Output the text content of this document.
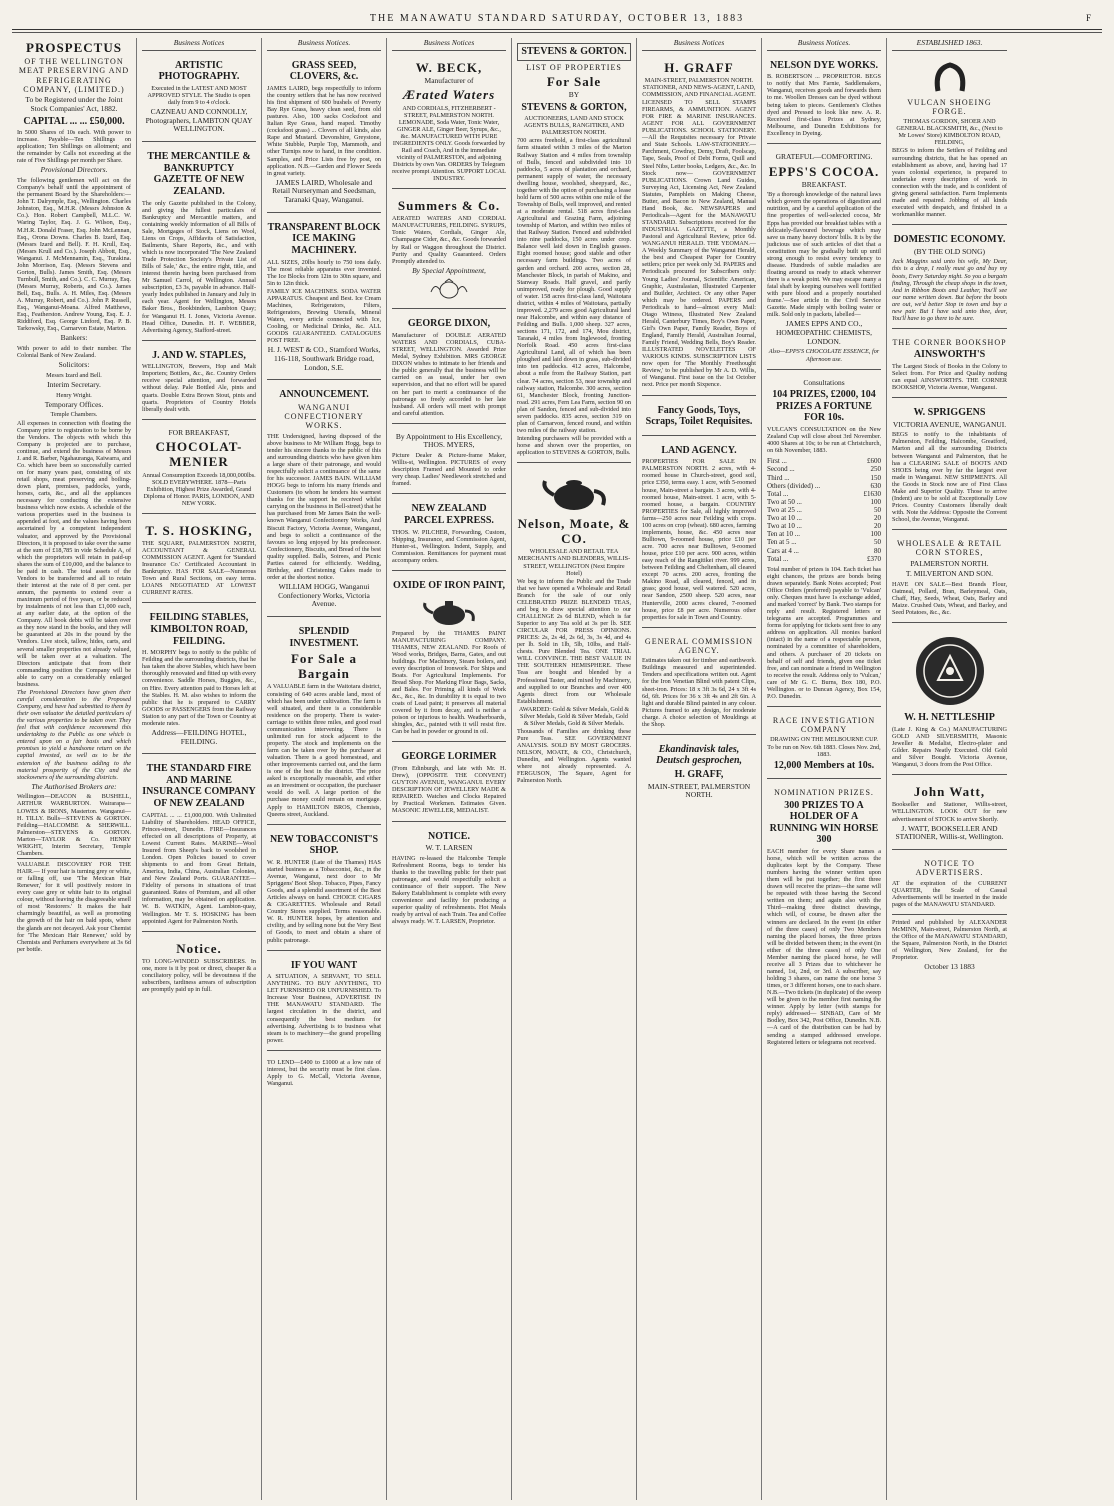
THE MANAWATU STANDARD SATURDAY, OCTOBER 13, 1883	F
PROSPECTUS
OF THE WELLINGTON MEAT PRESERVING AND REFRIGERATING COMPANY, (LIMITED.)
To be Registered under the Joint Stock Companies' Act, 1882.
CAPITAL ... ... £50,000.
In 5000 Shares of 10s each. With power to increase. Payable—Ten Shillings on application; Ten Shillings on allotment; and the remainder by Calls not exceeding at the rate of Five Shillings per month per Share.
Provisional Directors.
The following gentlemen will act on the Company's behalf until the appointment of the permanent Board by the Shareholders:—John T. Dalrymple, Esq., Wellington. Charles Johnston, Esq., M.H.R. (Messrs Johnston & Co.). Hon. Robert Campbell, M.L.C. W. Waring Taylor, Esq. J. G. Wilson, Esq., M.H.R. Donald Fraser, Esq. John McLennan, Esq., Orona Downs. Charles B. Izard, Esq. (Messrs Izard and Bell). F. H. Krull, Esq. (Messrs Krull and Co.). Joseph Abbott, Esq., Wanganui. J. McMennamin, Esq., Turakina. John Morrison, Esq. (Messrs Stevens and Gorton, Bulls). James Smith, Esq. (Messrs Turnbull, Smith, and Co.). C. C. Murray, Esq. (Messrs Murray, Roberts, and Co.). James Bell, Esq., Bulls. A. H. Miles, Esq. (Messrs A. Murray, Robert, and Co.). John P. Russell, Esq., Wanganui-Moana. Alfred Matthews, Esq., Featherston. Andrew Young, Esq. E. J. Riddiford, Esq. George Linford, Esq. P. B. Tarkowsky, Esq., Carnarvon Estate, Marton.
Bankers:
With power to add to their number. The Colonial Bank of New Zealand.
Solicitors:
Messrs Izard and Bell.
Interim Secretary.
Henry Wright.
Temporary Offices.
Temple Chambers.
All expenses in connection with floating the Company prior to registration to be borne by the Vendors. The objects with which this Company is projected are to purchase, continue, and extend the business of Messrs J. and R. Barber, Ngahauranga, Kaiwarra, and Co. which have been so successfully carried on for many years past, consisting of six retail shops, meat preserving and boiling-down plant, premises, paddocks, yards, horses, carts, &c., and all the appliances necessary for conducting the extensive business which now exists. A schedule of the various properties used in the business is appended at foot, and the values having been ascertained by a competent independent valuator, and approved by the Provisional Directors, it is proposed to take over the same at the sum of £18,785 in vide Schedule A, of which the proprietors will retain in paid-up shares the sum of £10,000, and the balance to be paid in cash. The total assets of the Vendors to be transferred and all to retain their interest at the rate of 8 per cent. per annum, the payments to extend over a maximum period of five years, or be reduced by instalments of not less than £1,000 each, at any earlier date, at the option of the Company. All book debts will be taken over as they now stand in the books, and they will be guaranteed at 20s in the pound by the Vendors. Live stock, tallow, hides, carts, and several smaller properties not already valued, will be taken over at a valuation. The Directors anticipate that from their commanding position the Company will be able to carry on a considerably enlarged business.
The Provisional Directors have given their careful consideration to the Proposed Company, and have had submitted to them by their own valuator the detailed particulars of the various properties to be taken over. They feel that with confidence recommend this undertaking to the Public as one which is entered upon on a fair basis and which promises to yield a handsome return on the capital invested, as well as to be the extension of the business adding to the material prosperity of the City and the stockowners of the surrounding districts.
The Authorised Brokers are:
Wellington—DEACON & BUSHELL, ARTHUR WARBURTON. Wairarapa—LOWES & IRONS, Masterton. Wanganui—H. TILLY. Bulls—STEVENS & GORTON. Feilding—HALCOMBE & SHERWILL. Palmerston—STEVENS & GORTON. Marton—TAYLOR & Co. HENRY WRIGHT, Interim Secretary, Temple Chambers.
VALUABLE DISCOVERY FOR THE HAIR.— If your hair is turning grey or white, or falling off, use 'The Mexican Hair Renewer,' for it will positively restore in every case grey or white hair to its original colour, without leaving the disagreeable smell of most 'Restorers.' It makes the hair charmingly beautiful, as well as promoting the growth of the hair on bald spots, where the glands are not decayed. Ask your Chemist for 'The Mexican Hair Renewer,' sold by Chemists and Perfumers everywhere at 3s 6d per bottle.
Business Notices
ARTISTIC PHOTOGRAPHY.
Executed in the LATEST AND MOST APPROVED STYLE. The Studio is open daily from 9 to 4 o'clock.
CAZNEAU AND CONNOLLY, Photographers, LAMBTON QUAY WELLINGTON.
THE MERCANTILE & BANKRUPTCY GAZETTE OF NEW ZEALAND.
The only Gazette published in the Colony, and giving the fullest particulars of Bankruptcy and Mercantile matters, and containing weekly information of all Bills of Sale, Mortgages of Stock, Liens on Wool, Liens on Crops, Affidavits of Satisfaction, Bailments, Share Reports, &c., and with which is now incorporated 'The New Zealand Trade Protection Society's Private List of Bills of Sale,' &c., the entire right, title, and interest therein having been purchased from Mr Samuel Carrol, of Wellington. Annual subscription, £3 3s, payable in advance. Half-yearly Index published in January and July in each year. Agent for Wellington, Messrs Baker Bros., Bookbinders, Lambton Quay; for Wanganui H. I. Jones, Victoria Avenue. Head Office, Dunedin. H. F. WEBBER, Advertising Agency, Stafford-street.
J. AND W. STAPLES,
WELLINGTON, Brewers, Hop and Malt Importers; Bottlers, &c., &c. Country Orders receive special attention, and forwarded without delay. Pale Bottled Ale, pints and quarts. Double Extra Brown Stout, pints and quarts. Proprietors of Country Hotels liberally dealt with.
FOR BREAKFAST,
CHOCOLAT-MENIER
Annual Consumption Exceeds 18,000,000lbs. SOLD EVERYWHERE. 1878—Paris Exhibition, Highest Prize Awarded, Grand Diploma of Honor. PARIS, LONDON, AND NEW YORK.
T. S. HOSKING,
THE SQUARE, PALMERSTON NORTH, ACCOUNTANT & GENERAL COMMISSION AGENT. Agent for 'Standard Insurance Co.' Certificated Accountant in Bankruptcy. HAS FOR SALE—Numerous Town and Rural Sections, on easy terms. LOANS NEGOTIATED AT LOWEST CURRENT RATES.
FEILDING STABLES, KIMBOLTON ROAD, FEILDING.
H. MORPHY begs to notify to the public of Feilding and the surrounding districts, that he has taken the above Stables, which have been thoroughly renovated and fitted up with every convenience. Saddle Horses, Buggies, &c., on Hire. Every attention paid to Horses left at the Stables. H. M. also wishes to inform the public that he is prepared to CARRY GOODS or PASSENGERS from the Railway Station to any part of the Town or Country at moderate rates.
Address—FEILDING HOTEL, FEILDING.
THE STANDARD FIRE AND MARINE INSURANCE COMPANY OF NEW ZEALAND
CAPITAL ... ... £1,000,000. With Unlimited Liability of Shareholders. HEAD OFFICE, Princes-street, Dunedin. FIRE—Insurances effected on all descriptions of Property, at Lowest Current Rates. MARINE—Wool Insured from Sheep's back to woolshed in London. Open Policies issued to cover shipments to and from Great Britain, America, India, China, Australian Colonies, and New Zealand Ports. GUARANTEE—Fidelity of persons in situations of trust guaranteed. Rates of Premium, and all other information, may be obtained on application. W. B. WATKIN, Agent. Lambton-quay, Wellington. Mr T. S. HOSKING has been appointed Agent for Palmerston North.
Notice.
TO LONG-WINDED SUBSCRIBERS. In one, more is it by post or direct, cheaper & a conciliatory policy, will be devoutness if the subscribers, tardiness arrears of subscription are promptly paid up in full.
Business Notices.
GRASS SEED, CLOVERS, &c.
JAMES LAIRD, begs respectfully to inform the country settlers that he has now received his first shipment of 600 bushels of Poverty Bay Rye Grass, heavy clean seed, from old pastures. Also, 100 sacks Cocksfoot and Italian Rye Grass, hand reaped. Timothy (cocksfoot grass) ... Clovers of all kinds, also Rape and Mustard. Devonshire, Greystone, White Stubble, Purple Top, Mammoth, and other Turnips now to hand, in fine condition. Samples, and Price Lists free by post, on application. N.B.—Garden and Flower Seeds in great variety.
JAMES LAIRD, Wholesale and Retail Nurseryman and Seedsman, Taranaki Quay, Wanganui.
TRANSPARENT BLOCK ICE MAKING MACHINERY.
ALL SIZES, 20lbs hourly to 750 tons daily. The most reliable apparatus ever invented. The Ice Blocks from 12in to 30in square, and 5in to 12in thick.
FAMILY ICE MACHINES. SODA WATER APPARATUS. Cheapest and Best. Ice Cream Machines, Refrigerators, Filters, Refrigerators, Brewing Utensils, Mineral Waters, every article connected with Ice, Cooling, or Medicinal Drinks, &c. ALL GOODS GUARANTEED. CATALOGUES POST FREE.
H. J. WEST & CO., Stamford Works, 116-118, Southwark Bridge road, London, S.E.
ANNOUNCEMENT.
WANGANUI CONFECTIONERY WORKS.
THE Undersigned, having disposed of the above business to Mr William Hogg, begs to tender his sincere thanks to the public of this and surrounding districts who have given him a large share of their patronage, and would respectfully solicit a continuance of the same for his successor. JAMES BAIN. WILLIAM HOGG begs to inform his many friends and Customers (to whom he tenders his warmest thanks for the support he received whilst carrying on the business in Bell-street) that he has purchased from Mr James Bain the well-known Wanganui Confectionery Works, And Biscuit Factory, Victoria Avenue, Wanganui, and begs to solicit a continuance of the favours so long enjoyed by his predecessor. Confectionery, Biscuits, and Bread of the best quality supplied. Balls, Soirees, and Picnic Parties catered for efficiently. Wedding, Birthday, and Christening Cakes made to order at the shortest notice.
WILLIAM HOGG, Wanganui Confectionery Works, Victoria Avenue.
SPLENDID INVESTMENT.
For Sale a Bargain
A VALUABLE farm in the Waitotara district, consisting of 640 acres arable land, most of which has been under cultivation. The farm is well situated, and there is a considerable residence on the property. There is water-carriage to within three miles, and good road communication intervening. There is unlimited run for stock adjacent to the property. The stock and implements on the farm can be taken over by the purchaser at valuation. There is a good homestead, and other improvements carried out, and the farm is one of the best in the district. The price asked is exceptionally reasonable, and either as an investment or occupation, the purchaser would do well. A large portion of the purchase money could remain on mortgage. Apply to HAMILTON BROS, Chemists, Queens street, Auckland.
NEW TOBACCONIST'S SHOP.
W. R. HUNTER (Late of the Thames) HAS started business as a Tobacconist, &c., in the Avenue, Wanganui, next door to Mr Spriggens' Boot Shop. Tobacco, Pipes, Fancy Goods, and a splendid assortment of the Best Articles always on hand. CHOICE CIGARS & CIGARETTES. Wholesale and Retail Country Stores supplied. Terms reasonable. W. R. HUNTER hopes, by attention and civility, and by selling none but the Very Best of Goods, to meet and obtain a share of public patronage.
IF YOU WANT
A SITUATION, A SERVANT, TO SELL ANYTHING. TO BUY ANYTHING, TO LET FURNISHED OR UNFURNISHED. To Increase Your Business, ADVERTISE IN THE MANAWATU STANDARD. The largest circulation in the district, and consequently the best medium for advertising. Advertising is to business what steam is to machinery—the grand propelling power.
TO LEND—£400 to £1000 at a low rate of interest, but the security must be first class. Apply to G. McCall, Victoria Avenue, Wanganui.
Business Notices
W. BECK,
Manufacturer of
Ærated Waters
AND CORDIALS, FITZHERBERT - STREET, PALMERSTON NORTH. LEMONADE, Soda Water, Tonic Water, GINGER ALE, Ginger Beer, Syrups, &c., &c. MANUFACTURED WITH PURE INGREDIENTS ONLY. Goods forwarded by Rail and Coach, And in the immediate vicinity of PALMERSTON, and adjoining Districts by own Van. ORDERS by Telegram receive prompt Attention. SUPPORT LOCAL INDUSTRY.
Summers & Co.
AERATED WATERS AND CORDIAL MANUFACTURERS, FEILDING. SYRUPS, Tonic Waters, Cordials, Ginger Ale, Champagne Cider, &c., &c. Goods forwarded by Rail or Waggon throughout the District. Purity and Quality Guaranteed. Orders Promptly attended to.
By Special Appointment,
GEORGE DIXON,
Manufacturer of DOUBLE AERATED WATERS AND CORDIALS, CUBA-STREET, WELLINGTON. Awarded Prize Medal, Sydney Exhibition. MRS GEORGE DIXON wishes to intimate to her friends and the public generally that the business will be carried on as usual, under her own supervision, and that no effort will be spared on her part to merit a continuance of the patronage so freely accorded to her late husband. All orders will meet with prompt and careful attention.
By Appointment to His Excellency, THOS. MYERS,
Picture Dealer & Picture-frame Maker, Willis-st, Wellington. PICTURES of every description Framed and Mounted to order very cheap. Ladies' Needlework stretched and framed.
NEW ZEALAND PARCEL EXPRESS.
THOS. W. PILCHER, Forwarding, Custom, Shipping, Insurance, and Commission Agent, Hunter-st., Wellington. Indent, Supply, and Commission. Remittances for payment must accompany orders.
OXIDE OF IRON PAINT,
Prepared by the THAMES PAINT MANUFACTURING COMPANY. THAMES, NEW ZEALAND. For Roofs of Wood works, Bridges, Barns, Gates, and out buildings. For Machinery, Steam boilers, and every description of Ironwork. For Ships and Boats. For Agricultural Implements. For Bread Shop. For Marking Flour Bags, Sacks, and Bales. For Priming all kinds of Work &c., &c., &c. In durability it is equal to two coats of Lead paint; it preserves all material covered by it from decay, and is neither a poison or injurious to health. Weatherboards, shingles, &c., painted with it will resist fire. Can be had in powder or ground in oil.
GEORGE LORIMER
(From Edinburgh, and late with Mr. H. Drew), (OPPOSITE THE CONVENT) GUYTON AVENUE, WANGANUI. EVERY DESCRIPTION OF JEWELLERY MADE & REPAIRED. Watches and Clocks Repaired by Practical Workmen. Estimates Given. MASONIC JEWELLER, MEDALIST.
NOTICE.
W. T. LARSEN
HAVING re-leased the Halcombe Temple Refreshment Rooms, begs to tender his thanks to the travelling public for their past patronage, and would respectfully solicit a continuance of their support. The New Bakery Establishment is complete with every convenience and facility for producing a superior quality of refreshments. Hot Meals ready by arrival of each Train. Tea and Coffee always ready. W. T. LARSEN, Proprietor.
STEVENS & GORTON.
LIST OF PROPERTIES
For Sale
BY
STEVENS & GORTON,
AUCTIONEERS, LAND AND STOCK AGENTS BULLS, RANGITIKEI, AND PALMERSTON NORTH.
700 acres freehold, a first-class agricultural farm situated within 3 miles of the Marton Railway Station and 4 miles from township of Bulls, fenced and subdivided into 10 paddocks, 5 acres of plantation and orchard, permanent supply of water, the necessary dwelling house, woolshed, sheepyard, &c., together with the option of purchasing a lease hold farm of 500 acres within one mile of the Township of Bulls, well improved, and rented at a moderate rental. 518 acres first-class Agricultural and Grazing Farm, adjoining township of Marton, and within two miles of that Railway Station. Fenced and subdivided into nine paddocks, 150 acres under crop. Balance well laid down in English grasses. Eight roomed house; good stable and other necessary farm buildings. Two acres of garden and orchard. 200 acres, section 28, Manchester Block, in parish of Makino, and Stanway Roads. Half gravel, and partly unimproved, ready for plough. Good supply of water. 158 acres first-class land, Waitotara district, within 4 miles of Waitotara, partially improved. 2,279 acres good Agricultural land near Halcombe, and within easy distance of Feilding and Bulls. 1,000 sheep. 327 acres, sections 171, 172, and 174, Mou district, Taranaki, 4 miles from Inglewood, fronting Norfolk Road. 450 acres first-class Agricultural Land, all of which has been ploughed and laid down in grass, sub-divided into ten paddocks. 412 acres, Halcombe, about a mile from the Railway Station, part clear. 74 acres, section 53, near township and railway station, Halcombe. 300 acres, section 61, Manchester Block, fronting Junction-road. 291 acres, Fern Lea Farm, section 90 on plan of Sandon, fenced and sub-divided into seven paddocks. 835 acres, section 319 on plan of Carnarvon, fenced round, and within two miles of the railway station.
Intending purchasers will be provided with a horse and shown over the properties, on application to STEVENS & GORTON, Bulls.
Nelson, Moate, & CO.
WHOLESALE AND RETAIL TEA MERCHANTS AND BLENDERS, WILLIS-STREET, WELLINGTON (Next Empire Hotel)
We beg to inform the Public and the Trade that we have opened a Wholesale and Retail Branch for the sale of our only CELEBRATED PRIZE BLENDED TEAS, and beg to draw special attention to our CHALLENGE 2s 6d BLEND, which is far Superior to any Tea sold at 3s per lb. SEE CIRCULAR FOR PRESS OPINIONS. PRICES: 2s, 2s 4d, 2s 6d, 3s, 3s 4d, and 4s per lb. Sold in 1lb, 5lb, 10lbs, and Half-chests. Pure Blended Tea. ONE TRIAL WILL CONVINCE. THE BEST VALUE IN THE SOUTHERN HEMISPHERE. These Teas are bought and blended by a Professional Taster, and mixed by Machinery, and supplied to our Branches and over 400 Agents direct from our Wholesale Establishment.
AWARDED: Gold & Silver Medals, Gold & Silver Medals, Gold & Silver Medals, Gold & Silver Medals, Gold & Silver Medals.
Thousands of Families are drinking these Pure Teas. SEE GOVERNMENT ANALYSIS. SOLD BY MOST GROCERS. NELSON, MOATE, & CO., Christchurch, Dunedin, and Wellington. Agents wanted where not already represented. A. FERGUSON, The Square, Agent for Palmerston North.
Business Notices
H. GRAFF
MAIN-STREET, PALMERSTON NORTH. STATIONER, AND NEWS-AGENT, LAND, COMMISSION, AND FINANCIAL AGENT.
LICENSED TO SELL STAMPS FIREARMS, & AMMUNITION. AGENT FOR FIRE & MARINE INSURANCES. AGENT FOR ALL GOVERNMENT PUBLICATIONS. SCHOOL STATIONERY.—All the Requisites necessary for Private and State Schools. LAW-STATIONERY.—Parchment, Cowdray, Demy, Draft, Foolscap, Tape, Seals, Proof of Debt Forms, Quill and Steel Nibs, Letter books, Ledgers, &c., &c. In Stock now— GOVERNMENT PUBLICATIONS. Crown Land Guides, Surveying Act, Licensing Act, New Zealand Statutes, Pamphlets on Making Cheese, Butter, and Bacon to New Zealand, Manual Hand Book, &c. NEWSPAPERS and Periodicals—Agent for the MANAWATU STANDARD. Subscriptions received for the INDUSTRIAL GAZETTE, a Monthly Pastoral and Agricultural Review, price 6d. WANGANUI HERALD. THE YEOMAN.—A Weekly Summary of the Wanganui Herald, the best and Cheapest Paper for Country settlers; price per week only 3d. PAPERS and Periodicals procured for Subscribers only: Young Ladies' Journal, Scientific American, Graphic, Australasian, Illustrated Carpenter and Builder, Architect. Or any other Paper which may be ordered. PAPERS and Periodicals to hand—almost every Mail: Otago Witness, Illustrated New Zealand Herald, Canterbury Times, Boy's Own Paper, Girl's Own Paper, Family Reader, Boys of England, Family Herald, Australian Journal, Family Friend, Wedding Bells, Boy's Reader. ILLUSTRATED NOVELETTES OF VARIOUS KINDS. SUBSCRIPTION LISTS now open for 'The Monthly Freethought Review,' to be published by Mr A. D. Willis, of Wanganui. First issue on the 1st October next. Price per month Sixpence.
Fancy Goods, Toys, Scraps, Toilet Requisites.
LAND AGENCY.
PROPERTIES FOR SALE IN PALMERSTON NORTH. 2 acres, with 4-roomed house in Church-street, good soil, price £350, terms easy. 1 acre, with 5-roomed house, Main-street a bargain. 3 acres, with 4-roomed house, Main-street. 1 acre, with 5-roomed house, a bargain. COUNTRY PROPERTIES for Sale, all highly improved farms—250 acres near Feilding with crops. 100 acres on crop (wheat). 680 acres, farming implements, house, &c. 450 acres near Bulltown, 9-roomed house, price £10 per acre. 700 acres near Bulltown, 9-roomed house, price £10 per acre. 900 acres, within easy reach of the Rangitikei river. 999 acres, between Feilding and Cheltenham, all cleared except 70 acres. 200 acres, fronting the Makino Road, all cleared, fenced, and in grass; good house, well watered. 520 acres, near Sandon, 2500 sheep. 520 acres, near Hunterville, 2000 acres cleared, 7-roomed house, price £8 per acre. Numerous other properties for sale in Town and Country.
GENERAL COMMISSION AGENCY.
Estimates taken out for timber and earthwork. Buildings measured and superintended. Tenders and specifications written out. Agent for the Iron Venetian Blind with patent Clips, sheet-iron. Prices: 18 x 3ft 3s 6d, 24 x 3ft 4s 6d, 6ft. Prices for 36 x 3ft 4s and 2ft 6in. A light and durable Blind painted in any colour. Pictures framed to any design, for moderate charge. A choice selection of Mouldings at the Shop.
Ekandinavisk tales, Deutsch gesprochen,
H. GRAFF,
MAIN-STREET, PALMERSTON NORTH.
Business Notices.
NELSON DYE WORKS.
B. ROBERTSON ... PROPRIETOR. BEGS to notify that Mrs Farnie, Saddlemakers, Wanganui, receives goods and forwards them to me. Woollen Dresses can be dyed without being taken to pieces. Gentlemen's Clothes dyed and Pressed to look like new. A. R. Received first-class Prizes at Sydney, Melbourne, and Dunedin Exhibitions for Excellency in Dyeing.
GRATEFUL—COMFORTING.
EPPS'S COCOA.
BREAKFAST.
'By a thorough knowledge of the natural laws which govern the operations of digestion and nutrition, and by a careful application of the fine properties of well-selected cocoa, Mr Epps has provided our breakfast tables with a delicately-flavoured beverage which may save us many heavy doctors' bills. It is by the judicious use of such articles of diet that a constitution may be gradually built up until strong enough to resist every tendency to disease. Hundreds of subtle maladies are floating around us ready to attack wherever there is a weak point. We may escape many a fatal shaft by keeping ourselves well fortified with pure blood and a properly nourished frame.'—See article in the Civil Service Gazette. Made simply with boiling water or milk. Sold only in packets, labelled—
JAMES EPPS AND CO., HOMŒOPATHIC CHEMISTS, LONDON.
Also—EPPS'S CHOCOLATE ESSENCE, for Afternoon use.
Consultations
104 PRIZES, £2000, 104 PRIZES A FORTUNE FOR 10s.
VULCAN'S CONSULTATION on the New Zealand Cup will close about 3rd November. 4000 Shares at 10s; to be run at Christchurch, on 6th November, 1883.
First ...	£600
Second ...	250
Third ...	150
Others (divided) ...	630
Total ...	£1630
Two at 50 ...	100
Two at 25 ...	50
Two at 10 ...	20
Two at 10 ...	20
Ten at 10 ...	100
Ten at 5 ...	50
Cars at 4 ...	80
Total ...	£370
Total number of prizes is 104. Each ticket has eight chances, the prizes are bonds being drawn separately. Bank Notes accepted; Post Office Orders (preferred) payable to 'Vulcan' only. Cheques must have 1s exchange added, and marked 'correct' by Bank. Two stamps for reply and result. Registered letters or telegrams are accepted. Programmes and forms for applying for tickets sent free to any address on application. All monies banked (intact) in the name of a respectable person, nominated by a committee of shareholders, and others. A purchaser of 20 tickets on behalf of self and friends, given one ticket free, and can nominate a friend in Wellington to receive the result. Address only to 'Vulcan,' care of Mr G. C. Burns, Box 180, P.O. Wellington. or to Duncan Agency, Box 154, P.O. Dunedin.
RACE INVESTIGATION COMPANY
DRAWING ON THE MELBOURNE CUP. To be run on Nov. 6th 1883. Closes Nov. 2nd, 1883.
12,000 Members at 10s.
NOMINATION PRIZES.
300 PRIZES TO A HOLDER OF A RUNNING WIN HORSE 300
EACH member for every Share names a horse, which will be written across the duplicates kept by the Company. These numbers having the winner written upon them will be put together; the first three drawn will receive the prizes—the same will be repeated with those having the Second written on them; and again also with the Third—making three distinct drawings, which will, of course, be drawn after the winners are declared. In the event (in either of the three cases) of only Two Members naming the placed horses, the three prizes will be divided between them; in the event (in either of the three cases) of only One Member naming the placed horse, he will receive all 3 Prizes due to whichever he named, 1st, 2nd, or 3rd. A subscriber, say holding 3 shares, can name the one horse 3 times, or 3 different horses, one to each share. N.B.—Two tickets (in duplicate) of the sweep will be given to the member first naming the winner. Apply by letter (with stamps for reply) addressed— SINBAD, Care of Mr Bodley, Box 342, Post Office, Dunedin. N.B.—A card of the distribution can be had by sending a stamped addressed envelope. Registered letters or telegrams not received.
ESTABLISHED 1863.
VULCAN SHOEING FORGE.
THOMAS GORDON, SHOER AND GENERAL BLACKSMITH, &c., (Next to Mr Lowes' Store) KIMBOLTON ROAD, FEILDING,
BEGS to inform the Settlers of Feilding and surrounding districts, that he has opened an establishment as above, and, having had 17 years colonial experience, is prepared to undertake every description of work in connection with the trade, and is confident of giving general satisfaction. Farm Implements made and repaired. Jobbing of all kinds executed with despatch, and finished in a workmanlike manner.
DOMESTIC ECONOMY.
(BY THE OLD SONG)
Jack Maggins said unto his wife, My Dear, this is a drop, I really must go and buy my boots, Every Saturday night. So you a bargain finding, Through the cheap shops in the town, And in Ribbon Boots and Leather, You'll see our name written down. But before the boots are out, we'd better Stop in town and buy a new pair. But I have said unto thee, dear, You'll have to go there to be sure.
THE CORNER BOOKSHOP
AINSWORTH'S
The Largest Stock of Books in the Colony to Select from. For Price and Quality nothing can equal AINSWORTH'S. THE CORNER BOOKSHOP, Victoria Avenue, Wanganui.
W. SPRIGGENS
VICTORIA AVENUE, WANGANUI.
BEGS to notify to the inhabitants of Palmerston, Feilding, Halcombe, Greatford, Marton and all the surrounding Districts between Wanganui and Palmerston, that he has a CLEARING SALE of BOOTS AND SHOES being over by far the largest ever made in Wanganui. NEW SHIPMENTS. All the Goods in Stock now are of First Class Make and Superior Quality. Those to arrive (Indent) are to be sold at Exceptionally Low Prices. Country Customers liberally dealt with. Note the Address: Opposite the Convent School, the Avenue, Wanganui.
WHOLESALE & RETAIL CORN STORES,
PALMERSTON NORTH.
T. MILVERTON AND SON.
HAVE ON SALE—Best Brands Flour, Oatmeal, Pollard, Bran, Barleymeal, Oats, Chaff, Hay, Seeds, Wheat, Oats, Barley and Maize. Crushed Oats, Wheat, and Barley, and Seed Potatoes, &c., &c.
W. H. NETTLESHIP
(Late J. King & Co.) MANUFACTURING GOLD AND SILVERSMITH, Masonic Jeweller & Medalist, Electro-plater and Gilder. Repairs Neatly Executed. Old Gold and Silver Bought. Victoria Avenue, Wanganui, 3 doors from the Post Office.
John Watt,
Bookseller and Stationer, Willis-street, WELLINGTON. LOOK OUT for new advertisement of STOCK to arrive Shortly.
J. WATT, BOOKSELLER AND STATIONER, Willis-st, Wellington.
NOTICE TO ADVERTISERS.
AT the expiration of the CURRENT QUARTER, the Scale of Casual Advertisements will be inserted in the inside pages of the MANAWATU STANDARD.
Printed and published by ALEXANDER McMINN, Main-street, Palmerston North, at the Office of the MANAWATU STANDARD, the Square, Palmerston North, in the District of Wellington, New Zealand, for the Proprietor.
October 13 1883
